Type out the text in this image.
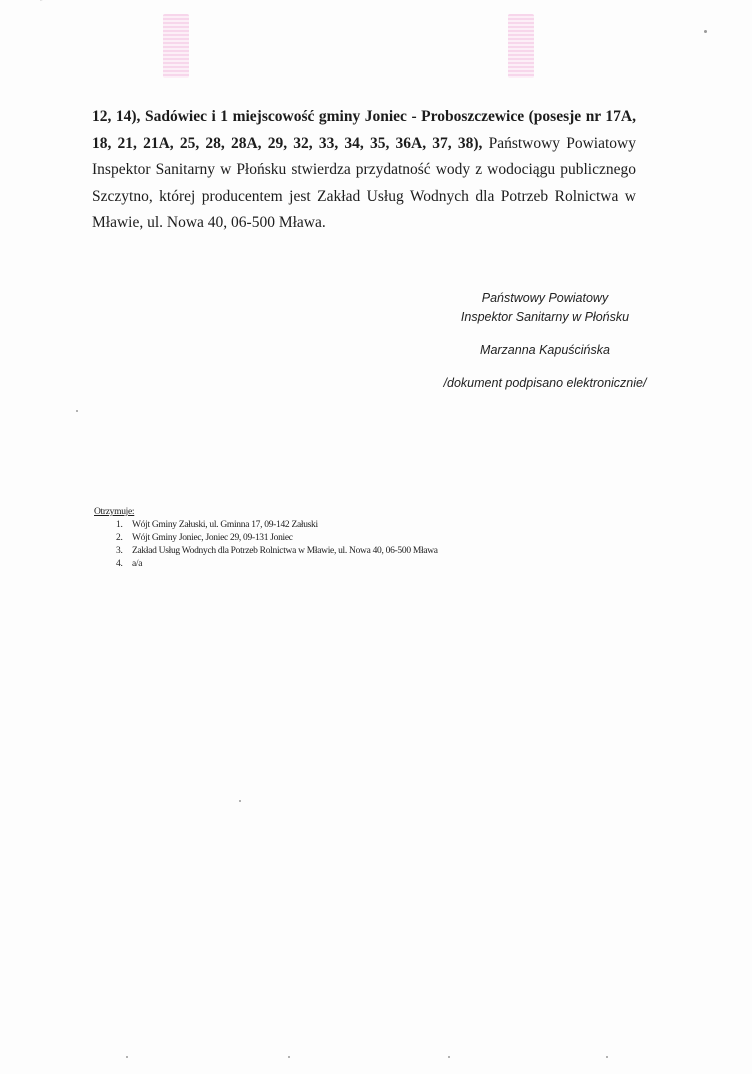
12, 14), Sadówiec i 1 miejscowość gminy Joniec - Proboszczewice (posesje nr 17A, 18, 21, 21A, 25, 28, 28A, 29, 32, 33, 34, 35, 36A, 37, 38), Państwowy Powiatowy Inspektor Sanitarny w Płońsku stwierdza przydatność wody z wodociągu publicznego Szczytno, której producentem jest Zakład Usług Wodnych dla Potrzeb Rolnictwa w Mławie, ul. Nowa 40, 06-500 Mława.

Państwowy Powiatowy
Inspektor Sanitarny w Płońsku
Marzanna Kapuścińska
/dokument podpisano elektronicznie/
Otrzymuje:
1. Wójt Gminy Załuski, ul. Gminna 17, 09-142 Załuski
2. Wójt Gminy Joniec, Joniec 29, 09-131 Joniec
3. Zakład Usług Wodnych dla Potrzeb Rolnictwa w Mławie, ul. Nowa 40, 06-500 Mława
4. a/a
